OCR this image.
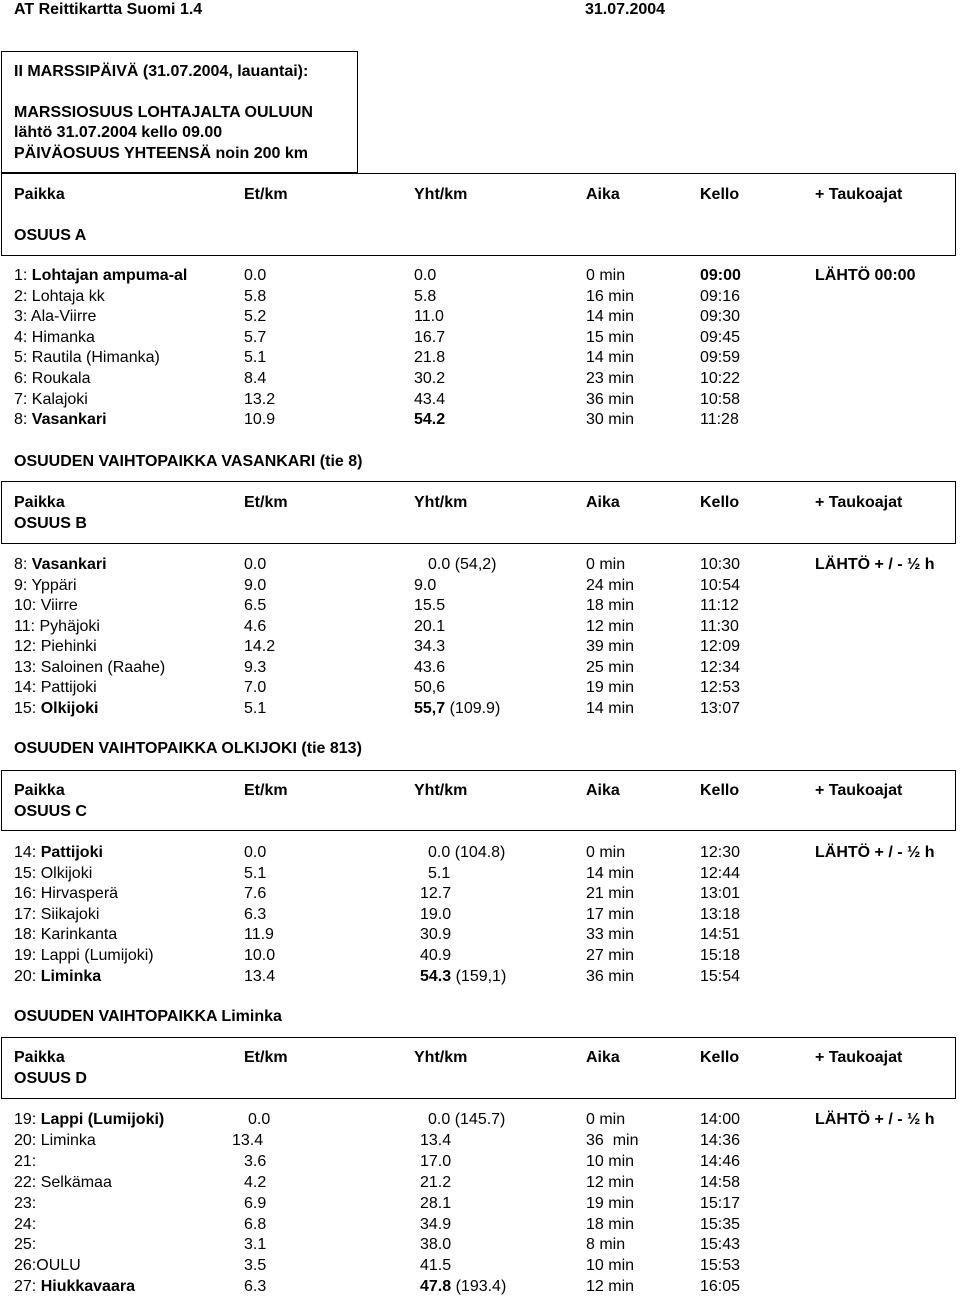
AT Reittikartta Suomi 1.4	31.07.2004
II MARSSIPÄIVÄ (31.07.2004, lauantai):
MARSSIOSUUS LOHTAJALTA OULUUN
lähtö 31.07.2004 kello 09.00
PÄIVÄOSUUS YHTEENSÄ noin 200 km
Paikka	Et/km	Yht/km	Aika	Kello	+ Taukoajat
OSUUS A
1: Lohtajan ampuma-al	0.0	0.0	0 min	09:00	LÄHTÖ 00:00
2: Lohtaja kk	5.8	5.8	16 min	09:16
3: Ala-Viirre	5.2	11.0	14 min	09:30
4: Himanka	5.7	16.7	15 min	09:45
5: Rautila (Himanka)	5.1	21.8	14 min	09:59
6: Roukala	8.4	30.2	23 min	10:22
7: Kalajoki	13.2	43.4	36 min	10:58
8: Vasankari	10.9	54.2	30 min	11:28
OSUUDEN VAIHTOPAIKKA VASANKARI (tie 8)
Paikka	Et/km	Yht/km	Aika	Kello	+ Taukoajat
OSUUS B
8: Vasankari	0.0	0.0 (54,2)	0 min	10:30	LÄHTÖ + / - ½ h
9: Yppäri	9.0	9.0	24 min	10:54
10: Viirre	6.5	15.5	18 min	11:12
11: Pyhäjoki	4.6	20.1	12 min	11:30
12: Piehinki	14.2	34.3	39 min	12:09
13: Saloinen (Raahe)	9.3	43.6	25 min	12:34
14: Pattijoki	7.0	50,6	19 min	12:53
15: Olkijoki	5.1	55,7 (109.9)	14 min	13:07
OSUUDEN VAIHTOPAIKKA OLKIJOKI (tie 813)
Paikka	Et/km	Yht/km	Aika	Kello	+ Taukoajat
OSUUS C
14: Pattijoki	0.0	0.0 (104.8)	0 min	12:30	LÄHTÖ + / - ½ h
15: Olkijoki	5.1	5.1	14 min	12:44
16: Hirvasperä	7.6	12.7	21 min	13:01
17: Siikajoki	6.3	19.0	17 min	13:18
18: Karinkanta	11.9	30.9	33 min	14:51
19: Lappi (Lumijoki)	10.0	40.9	27 min	15:18
20: Liminka	13.4	54.3 (159,1)	36 min	15:54
OSUUDEN VAIHTOPAIKKA Liminka
Paikka	Et/km	Yht/km	Aika	Kello	+ Taukoajat
OSUUS D
19: Lappi (Lumijoki)	0.0	0.0 (145.7)	0 min	14:00	LÄHTÖ + / - ½ h
20: Liminka	13.4	13.4	36  min	14:36
21:	3.6	17.0	10 min	14:46
22: Selkämaa	4.2	21.2	12 min	14:58
23:	6.9	28.1	19 min	15:17
24:	6.8	34.9	18 min	15:35
25:	3.1	38.0	8 min	15:43
26:OULU	3.5	41.5	10 min	15:53
27: Hiukkavaara	6.3	47.8 (193.4)	12 min	16:05
